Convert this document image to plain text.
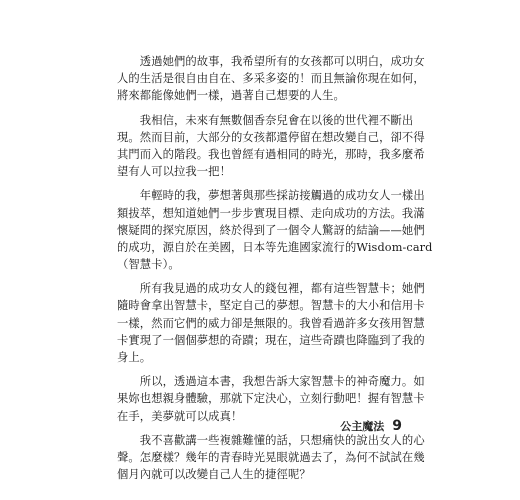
　　透過她們的故事，我希望所有的女孩都可以明白，成功女
人的生活是很自由自在、多采多姿的！而且無論你現在如何，
將來都能像她們一樣，過著自己想要的人生。
　　我相信，未來有無數個香奈兒會在以後的世代裡不斷出
現。然而目前，大部分的女孩都還停留在想改變自己，卻不得
其門而入的階段。我也曾經有過相同的時光，那時，我多麼希
望有人可以拉我一把！
　　年輕時的我，夢想著與那些採訪接觸過的成功女人一樣出
類拔萃，想知道她們一步步實現目標、走向成功的方法。我滿
懷疑問的探究原因，終於得到了一個令人驚訝的結論——她們
的成功，源自於在美國，日本等先進國家流行的Wisdom-card
（智慧卡）。
　　所有我見過的成功女人的錢包裡，都有這些智慧卡；她們
隨時會拿出智慧卡，堅定自己的夢想。智慧卡的大小和信用卡
一樣，然而它們的威力卻是無限的。我曾看過許多女孩用智慧
卡實現了一個個夢想的奇蹟；現在，這些奇蹟也降臨到了我的
身上。
　　所以，透過這本書，我想告訴大家智慧卡的神奇魔力。如
果妳也想親身體驗，那就下定決心，立刻行動吧！握有智慧卡
在手，美夢就可以成真！
　　我不喜歡講一些複雜難懂的話，只想痛快的說出女人的心
聲。怎麼樣？幾年的青春時光晃眼就過去了，為何不試試在幾
個月內就可以改變自己人生的捷徑呢？
公主魔法 9
